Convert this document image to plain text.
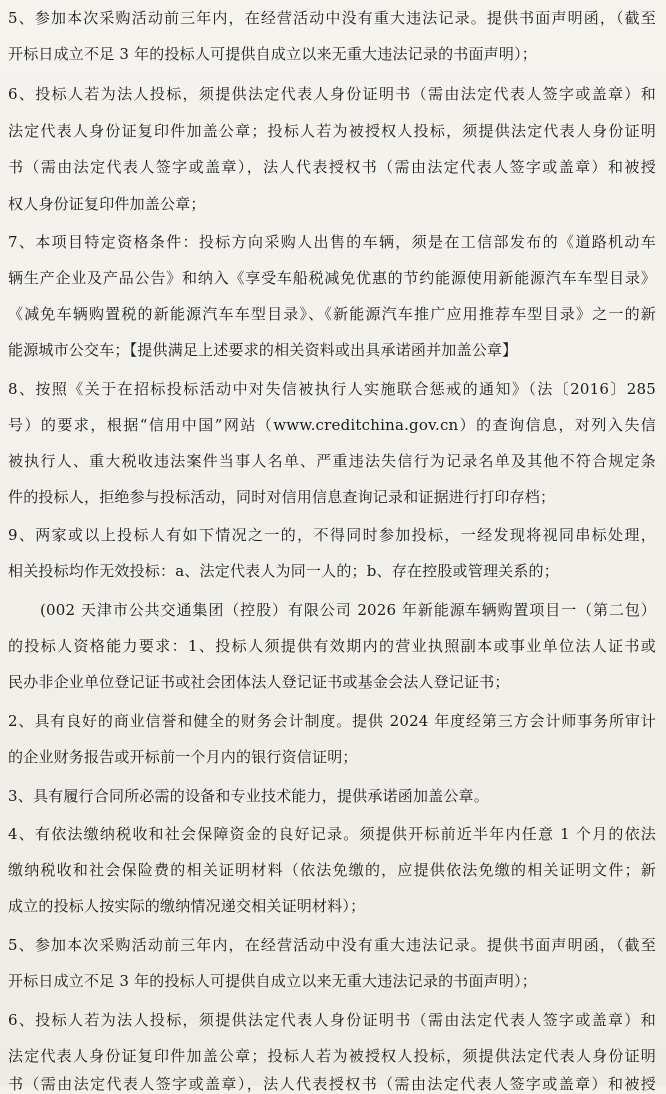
5、参加本次采购活动前三年内，在经营活动中没有重大违法记录。提供书面声明函，（截至
开标日成立不足 3 年的投标人可提供自成立以来无重大违法记录的书面声明）；
6、投标人若为法人投标，须提供法定代表人身份证明书（需由法定代表人签字或盖章）和
法定代表人身份证复印件加盖公章；投标人若为被授权人投标，须提供法定代表人身份证明
书（需由法定代表人签字或盖章），法人代表授权书（需由法定代表人签字或盖章）和被授
权人身份证复印件加盖公章；
7、本项目特定资格条件：投标方向采购人出售的车辆，须是在工信部发布的《道路机动车
辆生产企业及产品公告》和纳入《享受车船税减免优惠的节约能源使用新能源汽车车型目录》
《减免车辆购置税的新能源汽车车型目录》、《新能源汽车推广应用推荐车型目录》之一的新
能源城市公交车；【提供满足上述要求的相关资料或出具承诺函并加盖公章】
8、按照《关于在招标投标活动中对失信被执行人实施联合惩戒的通知》（法〔2016〕285
号）的要求，根据“信用中国”网站（www.creditchina.gov.cn）的查询信息，对列入失信
被执行人、重大税收违法案件当事人名单、严重违法失信行为记录名单及其他不符合规定条
件的投标人，拒绝参与投标活动，同时对信用信息查询记录和证据进行打印存档；
9、两家或以上投标人有如下情况之一的，不得同时参加投标，一经发现将视同串标处理，
相关投标均作无效投标：a、法定代表人为同一人的；b、存在控股或管理关系的；
(002 天津市公共交通集团（控股）有限公司 2026 年新能源车辆购置项目一（第二包）
的投标人资格能力要求：1、投标人须提供有效期内的营业执照副本或事业单位法人证书或
民办非企业单位登记证书或社会团体法人登记证书或基金会法人登记证书；
2、具有良好的商业信誉和健全的财务会计制度。提供 2024 年度经第三方会计师事务所审计
的企业财务报告或开标前一个月内的银行资信证明；
3、具有履行合同所必需的设备和专业技术能力，提供承诺函加盖公章。
4、有依法缴纳税收和社会保障资金的良好记录。须提供开标前近半年内任意 1 个月的依法
缴纳税收和社会保险费的相关证明材料（依法免缴的，应提供依法免缴的相关证明文件；新
成立的投标人按实际的缴纳情况递交相关证明材料）；
5、参加本次采购活动前三年内，在经营活动中没有重大违法记录。提供书面声明函，（截至
开标日成立不足 3 年的投标人可提供自成立以来无重大违法记录的书面声明）；
6、投标人若为法人投标，须提供法定代表人身份证明书（需由法定代表人签字或盖章）和
法定代表人身份证复印件加盖公章；投标人若为被授权人投标，须提供法定代表人身份证明
书（需由法定代表人签字或盖章），法人代表授权书（需由法定代表人签字或盖章）和被授
